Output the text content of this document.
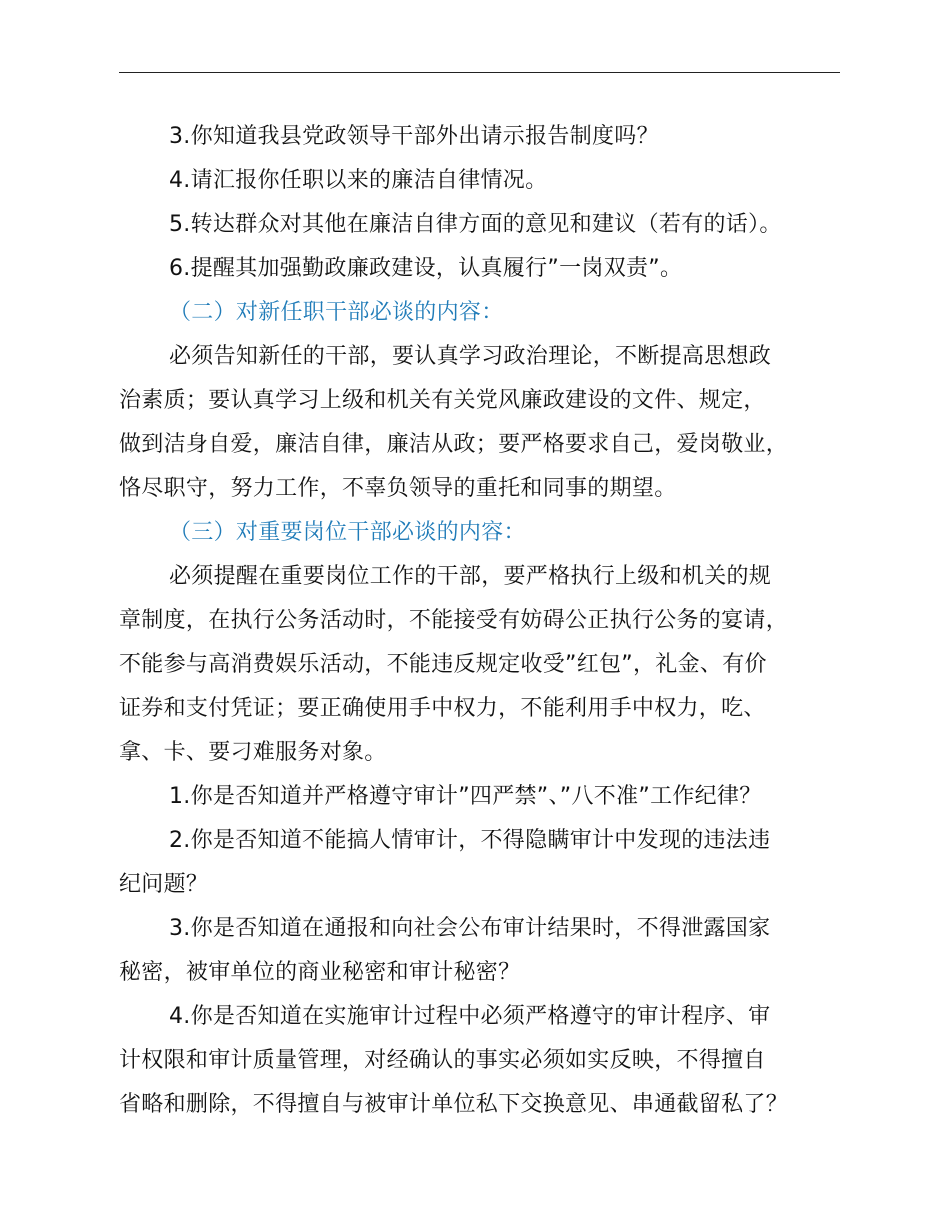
3.你知道我县党政领导干部外出请示报告制度吗？

4.请汇报你任职以来的廉洁自律情况。

5.转达群众对其他在廉洁自律方面的意见和建议（若有的话）。

6.提醒其加强勤政廉政建设，认真履行”一岗双责”。

（二）对新任职干部必谈的内容：

必须告知新任的干部，要认真学习政治理论，不断提高思想政

治素质；要认真学习上级和机关有关党风廉政建设的文件、规定，

做到洁身自爱，廉洁自律，廉洁从政；要严格要求自己，爱岗敬业，

恪尽职守，努力工作，不辜负领导的重托和同事的期望。

（三）对重要岗位干部必谈的内容：

必须提醒在重要岗位工作的干部，要严格执行上级和机关的规

章制度，在执行公务活动时，不能接受有妨碍公正执行公务的宴请，

不能参与高消费娱乐活动，不能违反规定收受”红包”，礼金、有价

证券和支付凭证；要正确使用手中权力，不能利用手中权力，吃、

拿、卡、要刁难服务对象。

1.你是否知道并严格遵守审计”四严禁”、”八不准”工作纪律？

2.你是否知道不能搞人情审计，不得隐瞒审计中发现的违法违

纪问题？

3.你是否知道在通报和向社会公布审计结果时，不得泄露国家

秘密，被审单位的商业秘密和审计秘密？

4.你是否知道在实施审计过程中必须严格遵守的审计程序、审

计权限和审计质量管理，对经确认的事实必须如实反映，不得擅自

省略和删除，不得擅自与被审计单位私下交换意见、串通截留私了？
